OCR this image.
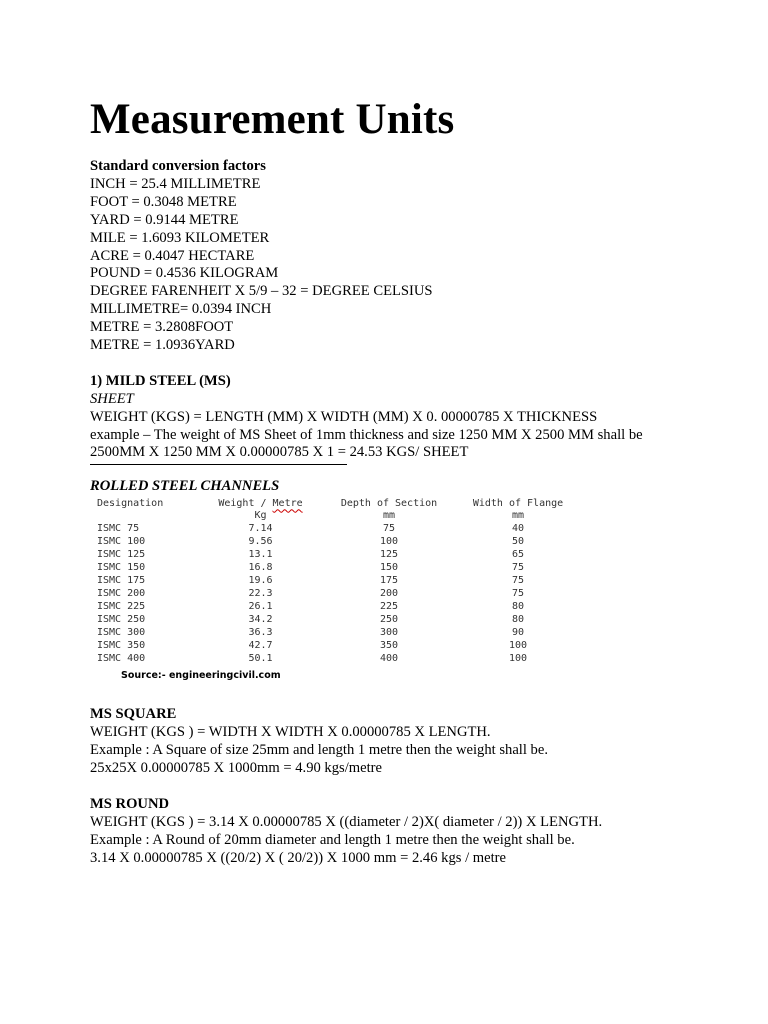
Measurement Units
Standard conversion factors
INCH = 25.4 MILLIMETRE
FOOT = 0.3048 METRE
YARD = 0.9144 METRE
MILE = 1.6093 KILOMETER
ACRE = 0.4047 HECTARE
POUND = 0.4536 KILOGRAM
DEGREE FARENHEIT X 5/9 – 32 = DEGREE CELSIUS
MILLIMETRE= 0.0394 INCH
METRE = 3.2808FOOT
METRE = 1.0936YARD
1) MILD STEEL (MS)
SHEET
WEIGHT (KGS) = LENGTH (MM) X WIDTH (MM) X 0. 00000785 X THICKNESS
example – The weight of MS Sheet of 1mm thickness and size 1250 MM X 2500 MM shall be
2500MM X 1250 MM X 0.00000785 X 1 = 24.53 KGS/ SHEET
ROLLED STEEL CHANNELS
Designation	Weight / Metre	Depth of Section	Width of Flange
	Kg	mm	mm
ISMC 75	7.14	75	40
ISMC 100	9.56	100	50
ISMC 125	13.1	125	65
ISMC 150	16.8	150	75
ISMC 175	19.6	175	75
ISMC 200	22.3	200	75
ISMC 225	26.1	225	80
ISMC 250	34.2	250	80
ISMC 300	36.3	300	90
ISMC 350	42.7	350	100
ISMC 400	50.1	400	100
Source:- engineeringcivil.com
MS SQUARE
WEIGHT (KGS ) = WIDTH X WIDTH X 0.00000785 X LENGTH.
Example : A Square of size 25mm and length 1 metre then the weight shall be.
25x25X 0.00000785 X 1000mm = 4.90 kgs/metre
MS ROUND
WEIGHT (KGS ) = 3.14 X 0.00000785 X ((diameter / 2)X( diameter / 2)) X LENGTH.
Example : A Round of 20mm diameter and length 1 metre then the weight shall be.
3.14 X 0.00000785 X ((20/2) X ( 20/2)) X 1000 mm = 2.46 kgs / metre
